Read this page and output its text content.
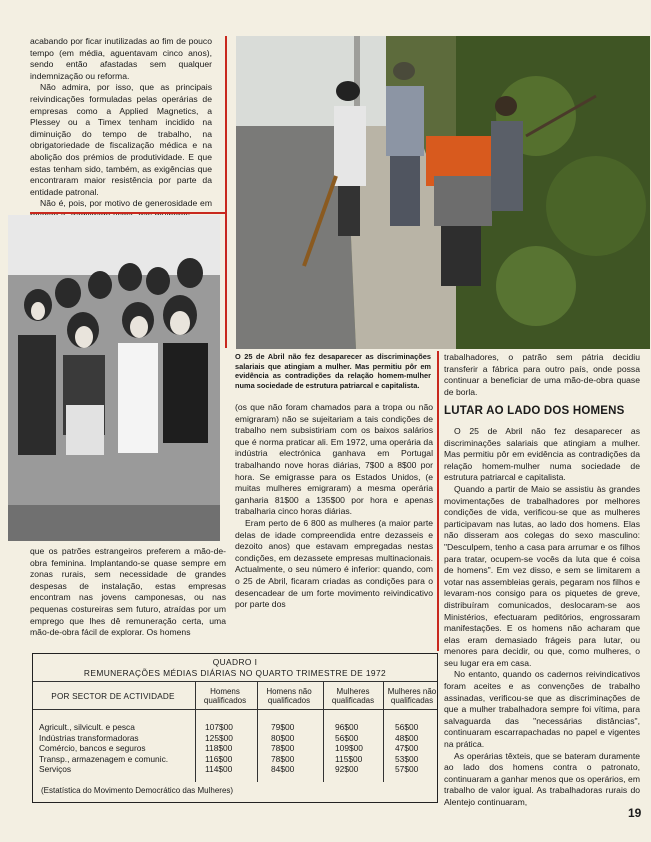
acabando por ficar inutilizadas ao fim de pouco tempo (em média, aguentavam cinco anos), sendo então afastadas sem qualquer indemnização ou reforma.

Não admira, por isso, que as principais reivindicações formuladas pelas operárias de empresas como a Applied Magnetics, a Plessey ou a Timex tenham incidido na diminuição do tempo de trabalho, na obrigatoriedade de fiscalização médica e na abolição dos prémios de produtividade. E que estas tenham sido, também, as exigências que encontraram maior resistência por parte da entidade patronal.

Não é, pois, por motivo de generosidade em

O 25 de Abril não fez desaparecer as discriminações salariais que atingiam a mulher. Mas permitiu pôr em evidência as contradições da relação homem-mulher numa sociedade de estrutura patriarcal e capitalista.

que os patrões estrangeiros preferem a mão-de-obra feminina. Implantando-se quase sempre em zonas rurais, sem necessidade de grandes despesas de instalação, estas empresas encontram nas jovens camponesas, ou nas pequenas costureiras sem futuro, atraídas por um emprego que lhes dê remuneração certa, uma mão-de-obra fácil de explorar. Os homens

(os que não foram chamados para a tropa ou não emigraram) não se sujeitariam a tais condições de trabalho nem subsistiriam com os baixos salários que é norma praticar ali. Em 1972, uma operária da indústria electrónica ganhava em Portugal trabalhando nove horas diárias, 7$00 a 8$00 por hora. Se emigrasse para os Estados Unidos, (e muitas mulheres emigraram) a mesma operária ganharia 81$00 a 135$00 por hora e apenas trabalharia cinco horas diárias.

Eram perto de 6 800 as mulheres (a maior parte delas de idade compreendida entre dezasseis e dezoito anos) que estavam empregadas nestas condições, em dezassete empresas multinacionais. Actualmente, o seu número é inferior: quando, com o 25 de Abril, ficaram criadas as condições para o desencadear de um forte movimento reivindicativo por parte dos

trabalhadores, o patrão sem pátria decidiu transferir a fábrica para outro país, onde possa continuar a beneficiar de uma mão-de-obra quase de borla.

LUTAR AO LADO DOS HOMENS

O 25 de Abril não fez desaparecer as discriminações salariais que atingiam a mulher. Mas permitiu pôr em evidência as contradições da relação homem-mulher numa sociedade de estrutura patriarcal e capitalista.

Quando a partir de Maio se assistiu às grandes movimentações de trabalhadores por melhores condições de vida, verificou-se que as mulheres participavam nas lutas, ao lado dos homens. Elas não disseram aos colegas do sexo masculino: "Desculpem, tenho a casa para arrumar e os filhos para tratar, ocupem-se vocês da luta que é coisa de homens". Em vez disso, e sem se limitarem a votar nas assembleias gerais, pegaram nos filhos e levaram-nos consigo para os piquetes de greve, distribuíram comunicados, deslocaram-se aos Ministérios, efectuaram peditórios, engrossaram manifestações. E os homens não acharam que elas eram demasiado frágeis para lutar, ou menores para decidir, ou que, como mulheres, o seu lugar era em casa.

No entanto, quando os cadernos reivindicativos foram aceites e as convenções de trabalho assinadas, verificou-se que as discriminações de que a mulher trabalhadora sempre foi vítima, para salvaguarda das "necessárias distâncias", continuaram escarrapachadas no papel e vigentes na prática.

As operárias têxteis, que se bateram duramente ao lado dos homens contra o patronato, continuaram a ganhar menos que os operários, em trabalho de valor igual. As trabalhadoras rurais do Alentejo continuaram,

QUADRO I
REMUNERAÇÕES MÉDIAS DIÁRIAS NO QUARTO TRIMESTRE DE 1972
POR SECTOR DE ACTIVIDADE
Homens qualificados
Homens não qualificados
Mulheres qualificadas
Mulheres não qualificadas
Agricult., silvicult. e pesca
Indústrias transformadoras
Comércio, bancos e seguros
Transp., armazenagem e comunic.
Serviços
107$00
125$00
118$00
116$00
114$00
79$00
80$00
78$00
78$00
84$00
96$00
56$00
109$00
115$00
92$00
56$00
48$00
47$00
53$00
57$00
(Estatística do Movimento Democrático das Mulheres)
19
